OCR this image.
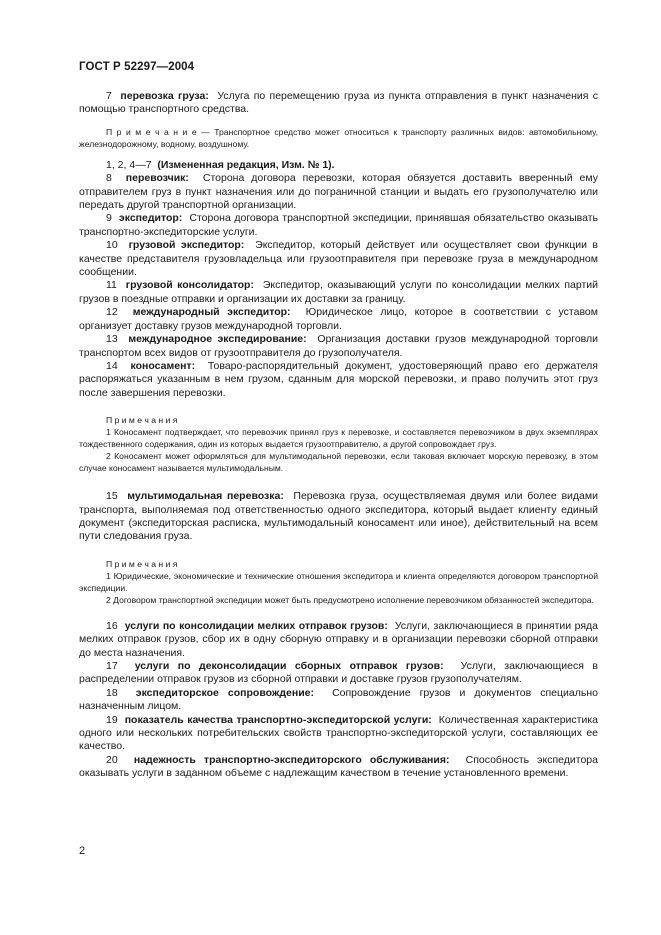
ГОСТ Р 52297—2004

7 перевозка груза: Услуга по перемещению груза из пункта отправления в пункт назначения с помощью транспортного средства.

П р и м е ч а н и е — Транспортное средство может относиться к транспорту различных видов: автомобильному, железнодорожному, водному, воздушному.

1, 2, 4—7 (Измененная редакция, Изм. № 1).

8 перевозчик: Сторона договора перевозки, которая обязуется доставить вверенный ему отправителем груз в пункт назначения или до пограничной станции и выдать его грузополучателю или передать другой транспортной организации.

9 экспедитор: Сторона договора транспортной экспедиции, принявшая обязательство оказывать транспортно-экспедиторские услуги.

10 грузовой экспедитор: Экспедитор, который действует или осуществляет свои функции в качестве представителя грузовладельца или грузоотправителя при перевозке груза в международном сообщении.

11 грузовой консолидатор: Экспедитор, оказывающий услуги по консолидации мелких партий грузов в поездные отправки и организации их доставки за границу.

12 международный экспедитор: Юридическое лицо, которое в соответствии с уставом организует доставку грузов международной торговли.

13 международное экспедирование: Организация доставки грузов международной торговли транспортом всех видов от грузоотправителя до грузополучателя.

14 коносамент: Товаро-распорядительный документ, удостоверяющий право его держателя распоряжаться указанным в нем грузом, сданным для морской перевозки, и право получить этот груз после завершения перевозки.

П р и м е ч а н и я

1 Коносамент подтверждает, что перевозчик принял груз к перевозке, и составляется перевозчиком в двух экземплярах тождественного содержания, один из которых выдается грузоотправителю, а другой сопровождает груз.

2 Коносамент может оформляться для мультимодальной перевозки, если таковая включает морскую перевозку, в этом случае коносамент называется мультимодальным.

15 мультимодальная перевозка: Перевозка груза, осуществляемая двумя или более видами транспорта, выполняемая под ответственностью одного экспедитора, который выдает клиенту единый документ (экспедиторская расписка, мультимодальный коносамент или иное), действительный на всем пути следования груза.

П р и м е ч а н и я

1 Юридические, экономические и технические отношения экспедитора и клиента определяются договором транспортной экспедиции.

2 Договором транспортной экспедиции может быть предусмотрено исполнение перевозчиком обязанностей экспедитора.

16 услуги по консолидации мелких отправок грузов: Услуги, заключающиеся в принятии ряда мелких отправок грузов, сбор их в одну сборную отправку и в организации перевозки сборной отправки до места назначения.

17 услуги по деконсолидации сборных отправок грузов: Услуги, заключающиеся в распределении отправок грузов из сборной отправки и доставке грузов грузополучателям.

18 экспедиторское сопровождение: Сопровождение грузов и документов специально назначенным лицом.

19 показатель качества транспортно-экспедиторской услуги: Количественная характеристика одного или нескольких потребительских свойств транспортно-экспедиторской услуги, составляющих ее качество.

20 надежность транспортно-экспедиторского обслуживания: Способность экспедитора оказывать услуги в заданном объеме с надлежащим качеством в течение установленного времени.

2
